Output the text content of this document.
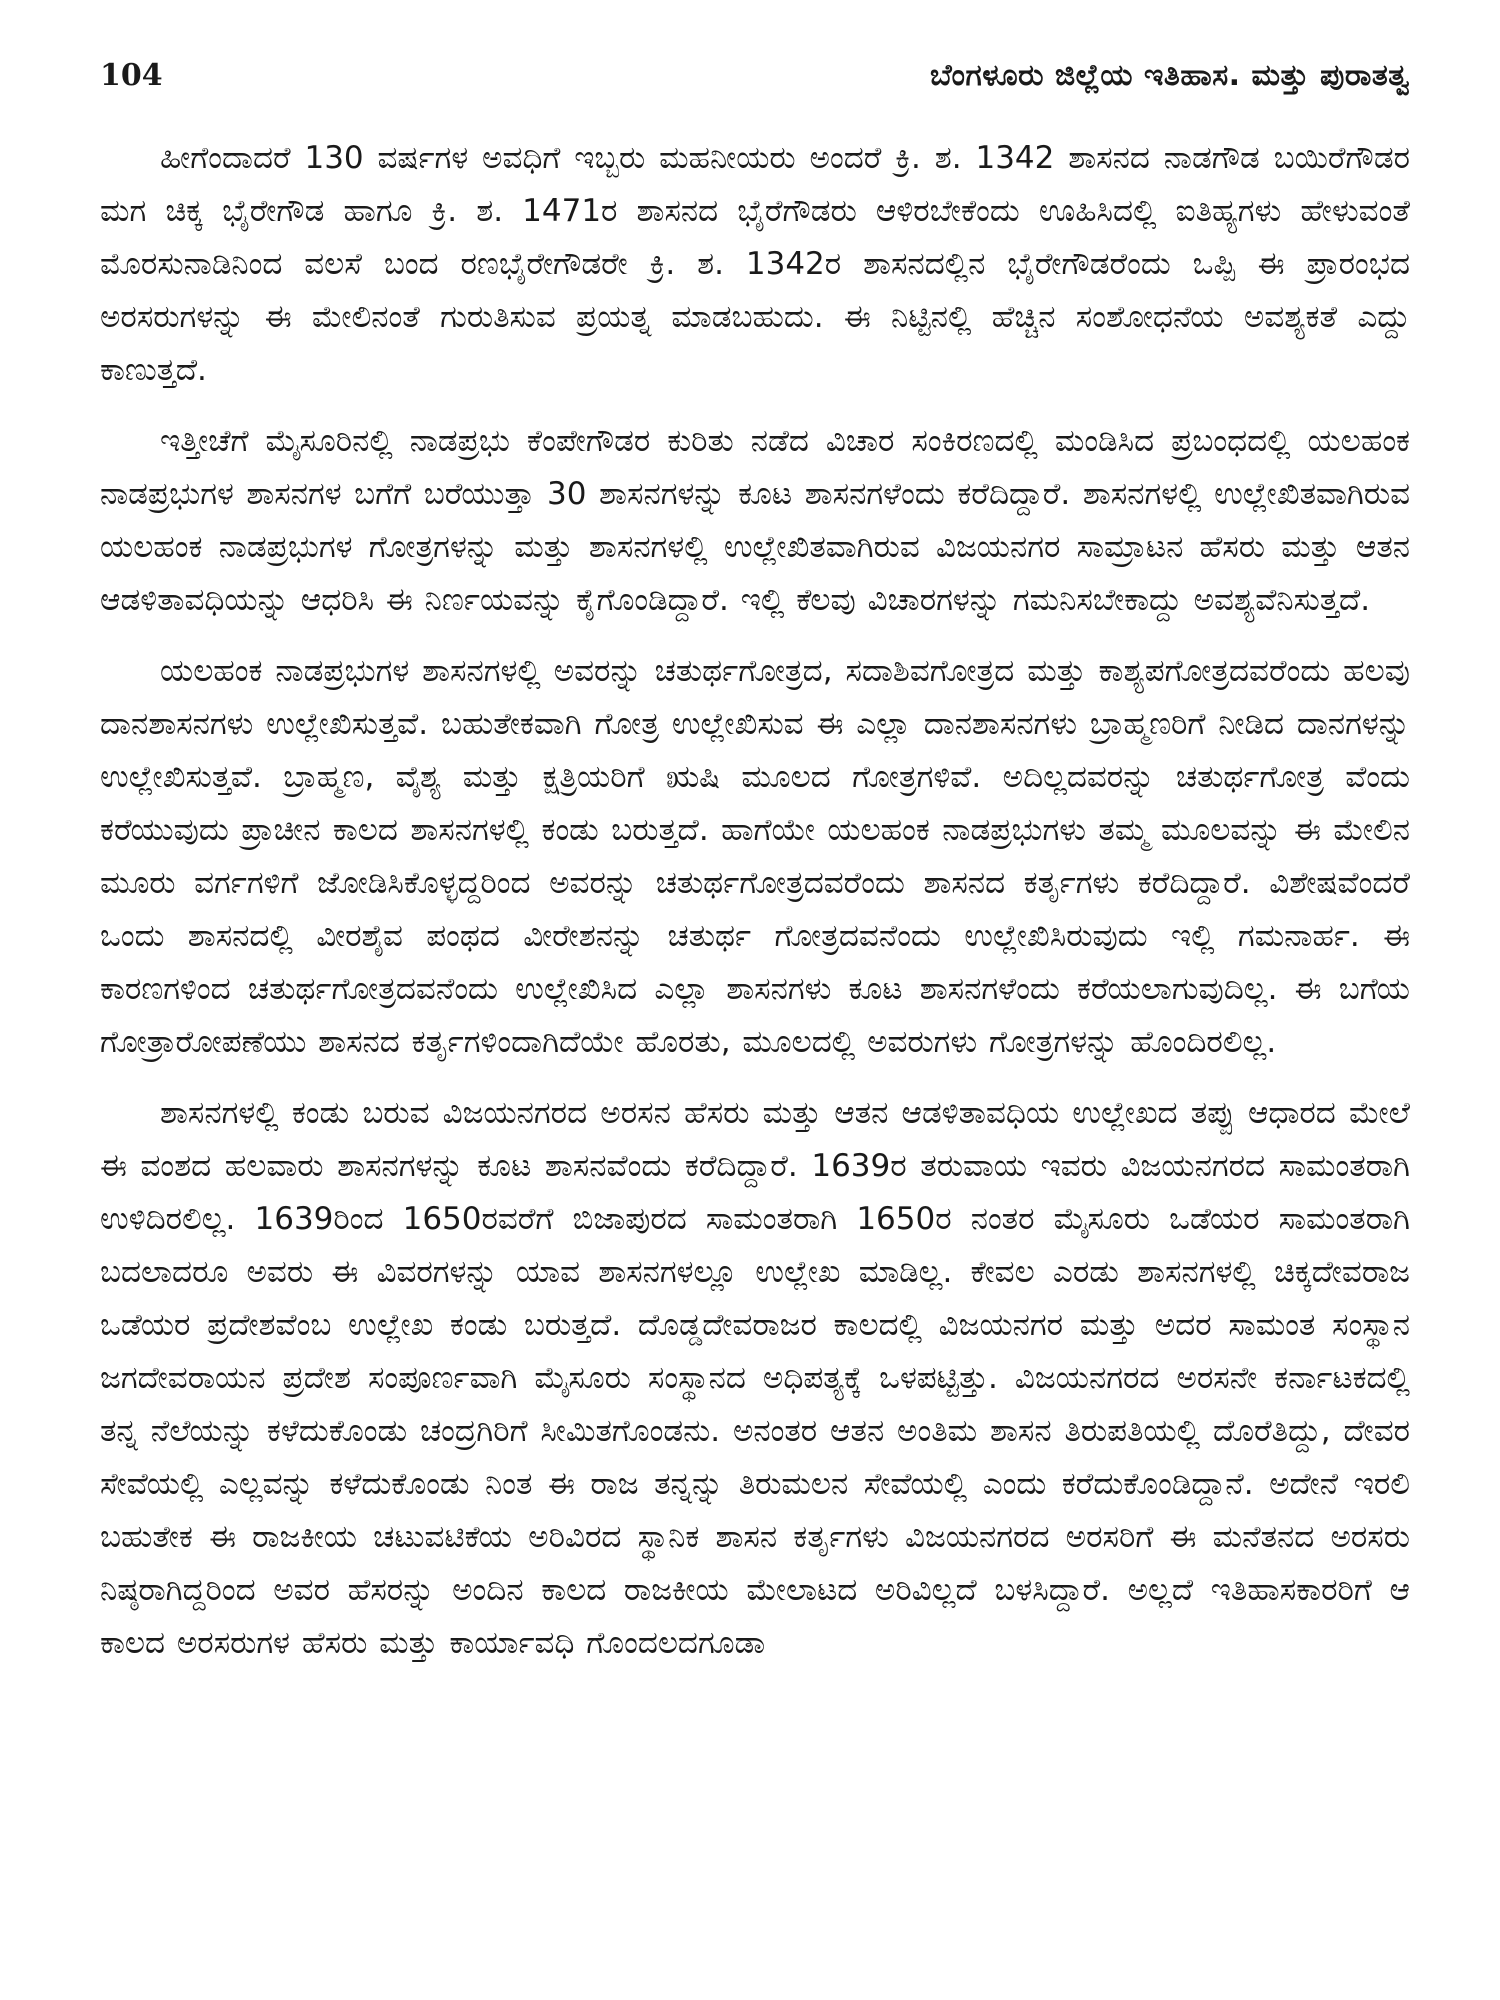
104	ಬೆಂಗಳೂರು ಜಿಲ್ಲೆಯ ಇತಿಹಾಸ. ಮತ್ತು ಪುರಾತತ್ವ

ಹೀಗೆಂದಾದರೆ 130 ವರ್ಷಗಳ ಅವಧಿಗೆ ಇಬ್ಬರು ಮಹನೀಯರು ಅಂದರೆ ಕ್ರಿ. ಶ. 1342 ಶಾಸನದ ನಾಡಗೌಡ ಬಯಿರೆಗೌಡರ ಮಗ ಚಿಕ್ಕ ಭೈರೇಗೌಡ ಹಾಗೂ ಕ್ರಿ. ಶ. 1471ರ ಶಾಸನದ ಭೈರೆಗೌಡರು ಆಳಿರಬೇಕೆಂದು ಊಹಿಸಿದಲ್ಲಿ ಐತಿಹ್ಯಗಳು ಹೇಳುವಂತೆ ಮೊರಸುನಾಡಿನಿಂದ ವಲಸೆ ಬಂದ ರಣಭೈರೇಗೌಡರೇ ಕ್ರಿ. ಶ. 1342ರ ಶಾಸನದಲ್ಲಿನ ಭೈರೇಗೌಡರೆಂದು ಒಪ್ಪಿ ಈ ಪ್ರಾರಂಭದ ಅರಸರುಗಳನ್ನು ಈ ಮೇಲಿನಂತೆ ಗುರುತಿಸುವ ಪ್ರಯತ್ನ ಮಾಡಬಹುದು. ಈ ನಿಟ್ಟಿನಲ್ಲಿ ಹೆಚ್ಚಿನ ಸಂಶೋಧನೆಯ ಅವಶ್ಯಕತೆ ಎದ್ದು ಕಾಣುತ್ತದೆ.

ಇತ್ತೀಚೆಗೆ ಮೈಸೂರಿನಲ್ಲಿ ನಾಡಪ್ರಭು ಕೆಂಪೇಗೌಡರ ಕುರಿತು ನಡೆದ ವಿಚಾರ ಸಂಕಿರಣದಲ್ಲಿ ಮಂಡಿಸಿದ ಪ್ರಬಂಧದಲ್ಲಿ ಯಲಹಂಕ ನಾಡಪ್ರಭುಗಳ ಶಾಸನಗಳ ಬಗೆಗೆ ಬರೆಯುತ್ತಾ 30 ಶಾಸನಗಳನ್ನು ಕೂಟ ಶಾಸನಗಳೆಂದು ಕರೆದಿದ್ದಾರೆ. ಶಾಸನಗಳಲ್ಲಿ ಉಲ್ಲೇಖಿತವಾಗಿರುವ ಯಲಹಂಕ ನಾಡಪ್ರಭುಗಳ ಗೋತ್ರಗಳನ್ನು ಮತ್ತು ಶಾಸನಗಳಲ್ಲಿ ಉಲ್ಲೇಖಿತವಾಗಿರುವ ವಿಜಯನಗರ ಸಾಮ್ರಾಟನ ಹೆಸರು ಮತ್ತು ಆತನ ಆಡಳಿತಾವಧಿಯನ್ನು ಆಧರಿಸಿ ಈ ನಿರ್ಣಯವನ್ನು ಕೈಗೊಂಡಿದ್ದಾರೆ. ಇಲ್ಲಿ ಕೆಲವು ವಿಚಾರಗಳನ್ನು ಗಮನಿಸಬೇಕಾದ್ದು ಅವಶ್ಯವೆನಿಸುತ್ತದೆ.

ಯಲಹಂಕ ನಾಡಪ್ರಭುಗಳ ಶಾಸನಗಳಲ್ಲಿ ಅವರನ್ನು ಚತುರ್ಥಗೋತ್ರದ, ಸದಾಶಿವಗೋತ್ರದ ಮತ್ತು ಕಾಶ್ಯಪಗೋತ್ರದವರೆಂದು ಹಲವು ದಾನಶಾಸನಗಳು ಉಲ್ಲೇಖಿಸುತ್ತವೆ. ಬಹುತೇಕವಾಗಿ ಗೋತ್ರ ಉಲ್ಲೇಖಿಸುವ ಈ ಎಲ್ಲಾ ದಾನಶಾಸನಗಳು ಬ್ರಾಹ್ಮಣರಿಗೆ ನೀಡಿದ ದಾನಗಳನ್ನು ಉಲ್ಲೇಖಿಸುತ್ತವೆ. ಬ್ರಾಹ್ಮಣ, ವೈಶ್ಯ ಮತ್ತು ಕ್ಷತ್ರಿಯರಿಗೆ ಋಷಿ ಮೂಲದ ಗೋತ್ರಗಳಿವೆ. ಅದಿಲ್ಲದವರನ್ನು ಚತುರ್ಥಗೋತ್ರ ವೆಂದು ಕರೆಯುವುದು ಪ್ರಾಚೀನ ಕಾಲದ ಶಾಸನಗಳಲ್ಲಿ ಕಂಡು ಬರುತ್ತದೆ. ಹಾಗೆಯೇ ಯಲಹಂಕ ನಾಡಪ್ರಭುಗಳು ತಮ್ಮ ಮೂಲವನ್ನು ಈ ಮೇಲಿನ ಮೂರು ವರ್ಗಗಳಿಗೆ ಜೋಡಿಸಿಕೊಳ್ಳದ್ದರಿಂದ ಅವರನ್ನು ಚತುರ್ಥಗೋತ್ರದವರೆಂದು ಶಾಸನದ ಕರ್ತೃಗಳು ಕರೆದಿದ್ದಾರೆ. ವಿಶೇಷವೆಂದರೆ ಒಂದು ಶಾಸನದಲ್ಲಿ ವೀರಶೈವ ಪಂಥದ ವೀರೇಶನನ್ನು ಚತುರ್ಥ ಗೋತ್ರದವನೆಂದು ಉಲ್ಲೇಖಿಸಿರುವುದು ಇಲ್ಲಿ ಗಮನಾರ್ಹ. ಈ ಕಾರಣಗಳಿಂದ ಚತುರ್ಥಗೋತ್ರದವನೆಂದು ಉಲ್ಲೇಖಿಸಿದ ಎಲ್ಲಾ ಶಾಸನಗಳು ಕೂಟ ಶಾಸನಗಳೆಂದು ಕರೆಯಲಾಗುವುದಿಲ್ಲ. ಈ ಬಗೆಯ ಗೋತ್ರಾರೋಪಣೆಯು ಶಾಸನದ ಕರ್ತೃಗಳಿಂದಾಗಿದೆಯೇ ಹೊರತು, ಮೂಲದಲ್ಲಿ ಅವರುಗಳು ಗೋತ್ರಗಳನ್ನು ಹೊಂದಿರಲಿಲ್ಲ.

ಶಾಸನಗಳಲ್ಲಿ ಕಂಡು ಬರುವ ವಿಜಯನಗರದ ಅರಸನ ಹೆಸರು ಮತ್ತು ಆತನ ಆಡಳಿತಾವಧಿಯ ಉಲ್ಲೇಖದ ತಪ್ಪು ಆಧಾರದ ಮೇಲೆ ಈ ವಂಶದ ಹಲವಾರು ಶಾಸನಗಳನ್ನು ಕೂಟ ಶಾಸನವೆಂದು ಕರೆದಿದ್ದಾರೆ. 1639ರ ತರುವಾಯ ಇವರು ವಿಜಯನಗರದ ಸಾಮಂತರಾಗಿ ಉಳಿದಿರಲಿಲ್ಲ. 1639ರಿಂದ 1650ರವರೆಗೆ ಬಿಜಾಪುರದ ಸಾಮಂತರಾಗಿ 1650ರ ನಂತರ ಮೈಸೂರು ಒಡೆಯರ ಸಾಮಂತರಾಗಿ ಬದಲಾದರೂ ಅವರು ಈ ವಿವರಗಳನ್ನು ಯಾವ ಶಾಸನಗಳಲ್ಲೂ ಉಲ್ಲೇಖ ಮಾಡಿಲ್ಲ. ಕೇವಲ ಎರಡು ಶಾಸನಗಳಲ್ಲಿ ಚಿಕ್ಕದೇವರಾಜ ಒಡೆಯರ ಪ್ರದೇಶವೆಂಬ ಉಲ್ಲೇಖ ಕಂಡು ಬರುತ್ತದೆ. ದೊಡ್ಡದೇವರಾಜರ ಕಾಲದಲ್ಲಿ ವಿಜಯನಗರ ಮತ್ತು ಅದರ ಸಾಮಂತ ಸಂಸ್ಥಾನ ಜಗದೇವರಾಯನ ಪ್ರದೇಶ ಸಂಪೂರ್ಣವಾಗಿ ಮೈಸೂರು ಸಂಸ್ಥಾನದ ಅಧಿಪತ್ಯಕ್ಕೆ ಒಳಪಟ್ಟಿತ್ತು. ವಿಜಯನಗರದ ಅರಸನೇ ಕರ್ನಾಟಕದಲ್ಲಿ ತನ್ನ ನೆಲೆಯನ್ನು ಕಳೆದುಕೊಂಡು ಚಂದ್ರಗಿರಿಗೆ ಸೀಮಿತಗೊಂಡನು. ಅನಂತರ ಆತನ ಅಂತಿಮ ಶಾಸನ ತಿರುಪತಿಯಲ್ಲಿ ದೊರೆತಿದ್ದು, ದೇವರ ಸೇವೆಯಲ್ಲಿ ಎಲ್ಲವನ್ನು ಕಳೆದುಕೊಂಡು ನಿಂತ ಈ ರಾಜ ತನ್ನನ್ನು ತಿರುಮಲನ ಸೇವೆಯಲ್ಲಿ ಎಂದು ಕರೆದುಕೊಂಡಿದ್ದಾನೆ. ಅದೇನೆ ಇರಲಿ ಬಹುತೇಕ ಈ ರಾಜಕೀಯ ಚಟುವಟಿಕೆಯ ಅರಿವಿರದ ಸ್ಥಾನಿಕ ಶಾಸನ ಕರ್ತೃಗಳು ವಿಜಯನಗರದ ಅರಸರಿಗೆ ಈ ಮನೆತನದ ಅರಸರು ನಿಷ್ಠರಾಗಿದ್ದರಿಂದ ಅವರ ಹೆಸರನ್ನು ಅಂದಿನ ಕಾಲದ ರಾಜಕೀಯ ಮೇಲಾಟದ ಅರಿವಿಲ್ಲದೆ ಬಳಸಿದ್ದಾರೆ. ಅಲ್ಲದೆ ಇತಿಹಾಸಕಾರರಿಗೆ ಆ ಕಾಲದ ಅರಸರುಗಳ ಹೆಸರು ಮತ್ತು ಕಾರ್ಯಾವಧಿ ಗೊಂದಲದಗೂಡಾ
